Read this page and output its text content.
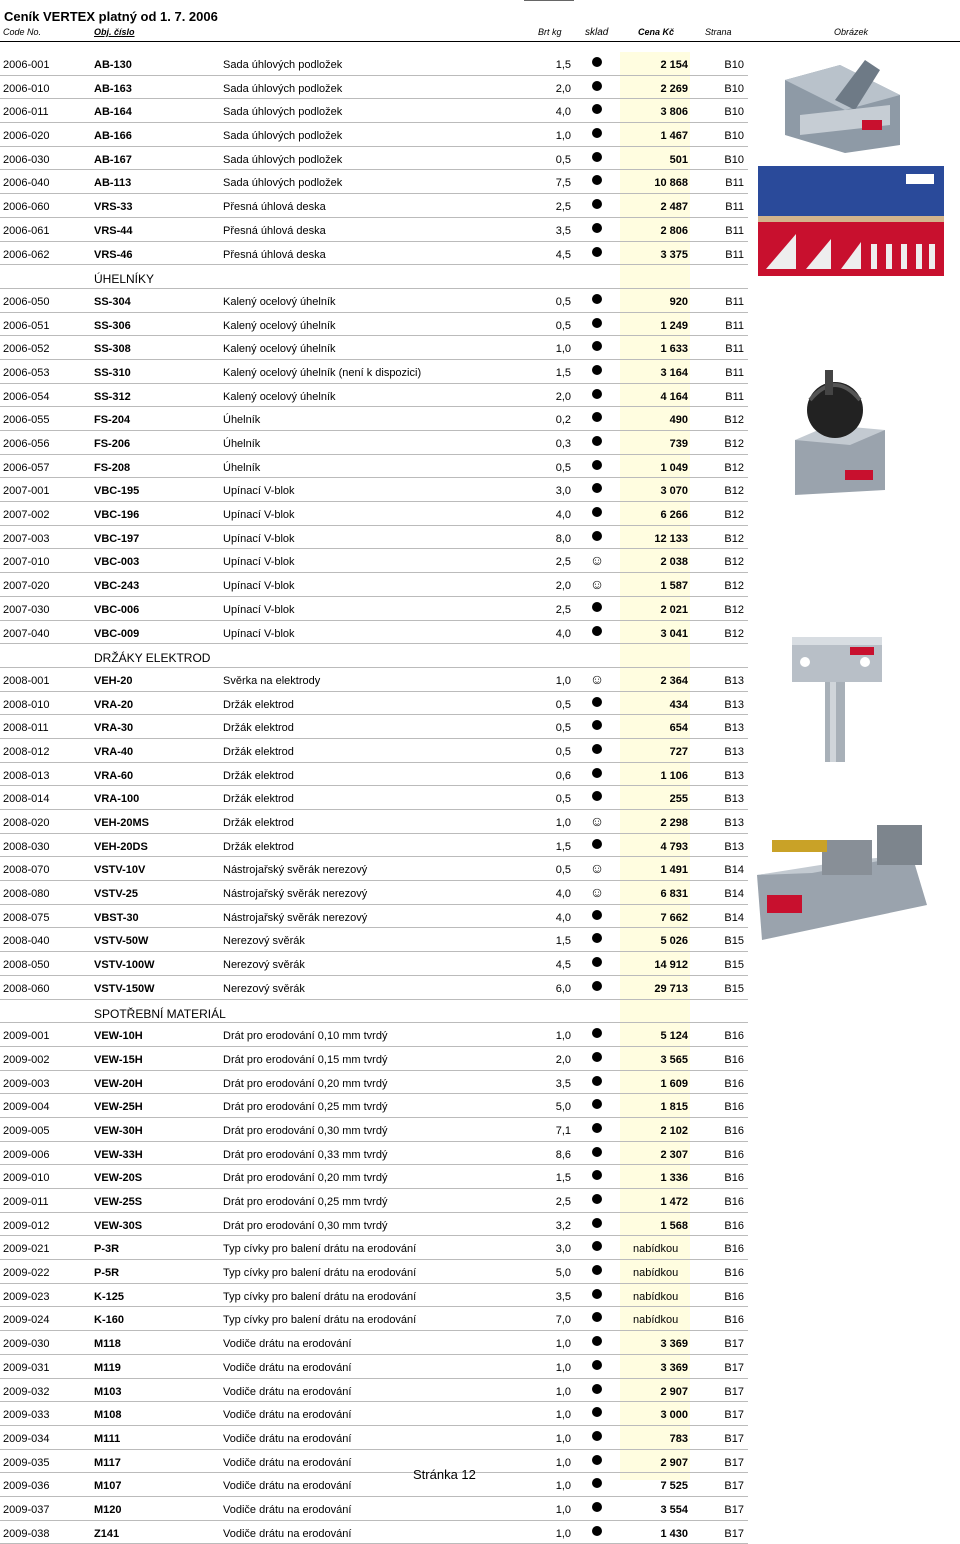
Ceník VERTEX platný od 1. 7. 2006
Code No.	Obj. číslo	Brt kg sklad	Cena Kč	Strana	Obrázek
2006-001	AB-130	Sada úhlových podložek	1,5	2 154	B10
2006-010	AB-163	Sada úhlových podložek	2,0	2 269	B10
2006-011	AB-164	Sada úhlových podložek	4,0	3 806	B10
2006-020	AB-166	Sada úhlových podložek	1,0	1 467	B10
2006-030	AB-167	Sada úhlových podložek	0,5	501	B10
2006-040	AB-113	Sada úhlových podložek	7,5	10 868	B11
2006-060	VRS-33	Přesná úhlová deska	2,5	2 487	B11
2006-061	VRS-44	Přesná úhlová deska	3,5	2 806	B11
2006-062	VRS-46	Přesná úhlová deska	4,5	3 375	B11
ÚHELNÍKY
2006-050	SS-304	Kalený ocelový úhelník	0,5	920	B11
2006-051	SS-306	Kalený ocelový úhelník	0,5	1 249	B11
2006-052	SS-308	Kalený ocelový úhelník	1,0	1 633	B11
2006-053	SS-310	Kalený ocelový úhelník (není k dispozici)	1,5	3 164	B11
2006-054	SS-312	Kalený ocelový úhelník	2,0	4 164	B11
2006-055	FS-204	Úhelník	0,2	490	B12
2006-056	FS-206	Úhelník	0,3	739	B12
2006-057	FS-208	Úhelník	0,5	1 049	B12
2007-001	VBC-195	Upínací V-blok	3,0	3 070	B12
2007-002	VBC-196	Upínací V-blok	4,0	6 266	B12
2007-003	VBC-197	Upínací V-blok	8,0	12 133	B12
2007-010	VBC-003	Upínací V-blok	2,5 ☺	2 038	B12
2007-020	VBC-243	Upínací V-blok	2,0 ☺	1 587	B12
2007-030	VBC-006	Upínací V-blok	2,5	2 021	B12
2007-040	VBC-009	Upínací V-blok	4,0	3 041	B12
DRŽÁKY ELEKTROD
2008-001	VEH-20	Svěrka na elektrody	1,0 ☺	2 364	B13
2008-010	VRA-20	Držák elektrod	0,5	434	B13
2008-011	VRA-30	Držák elektrod	0,5	654	B13
2008-012	VRA-40	Držák elektrod	0,5	727	B13
2008-013	VRA-60	Držák elektrod	0,6	1 106	B13
2008-014	VRA-100	Držák elektrod	0,5	255	B13
2008-020	VEH-20MS	Držák elektrod	1,0 ☺	2 298	B13
2008-030	VEH-20DS	Držák elektrod	1,5	4 793	B13
2008-070	VSTV-10V	Nástrojařský svěrák nerezový	0,5 ☺	1 491	B14
2008-080	VSTV-25	Nástrojařský svěrák nerezový	4,0 ☺	6 831	B14
2008-075	VBST-30	Nástrojařský svěrák nerezový	4,0	7 662	B14
2008-040	VSTV-50W	Nerezový svěrák	1,5	5 026	B15
2008-050	VSTV-100W	Nerezový svěrák	4,5	14 912	B15
2008-060	VSTV-150W	Nerezový svěrák	6,0	29 713	B15
SPOTŘEBNÍ MATERIÁL
2009-001	VEW-10H	Drát pro erodování 0,10 mm tvrdý	1,0	5 124	B16
2009-002	VEW-15H	Drát pro erodování 0,15 mm tvrdý	2,0	3 565	B16
2009-003	VEW-20H	Drát pro erodování 0,20 mm tvrdý	3,5	1 609	B16
2009-004	VEW-25H	Drát pro erodování 0,25 mm tvrdý	5,0	1 815	B16
2009-005	VEW-30H	Drát pro erodování 0,30 mm tvrdý	7,1	2 102	B16
2009-006	VEW-33H	Drát pro erodování 0,33 mm tvrdý	8,6	2 307	B16
2009-010	VEW-20S	Drát pro erodování 0,20 mm tvrdý	1,5	1 336	B16
2009-011	VEW-25S	Drát pro erodování 0,25 mm tvrdý	2,5	1 472	B16
2009-012	VEW-30S	Drát pro erodování 0,30 mm tvrdý	3,2	1 568	B16
2009-021	P-3R	Typ cívky pro balení drátu na erodování	3,0	nabídkou	B16
2009-022	P-5R	Typ cívky pro balení drátu na erodování	5,0	nabídkou	B16
2009-023	K-125	Typ cívky pro balení drátu na erodování	3,5	nabídkou	B16
2009-024	K-160	Typ cívky pro balení drátu na erodování	7,0	nabídkou	B16
2009-030	M118	Vodiče drátu na erodování	1,0	3 369	B17
2009-031	M119	Vodiče drátu na erodování	1,0	3 369	B17
2009-032	M103	Vodiče drátu na erodování	1,0	2 907	B17
2009-033	M108	Vodiče drátu na erodování	1,0	3 000	B17
2009-034	M111	Vodiče drátu na erodování	1,0	783	B17
2009-035	M117	Vodiče drátu na erodování	1,0	2 907	B17
2009-036	M107	Vodiče drátu na erodování	1,0	7 525	B17
2009-037	M120	Vodiče drátu na erodování	1,0	3 554	B17
2009-038	Z141	Vodiče drátu na erodování	1,0	1 430	B17
Stránka 12
